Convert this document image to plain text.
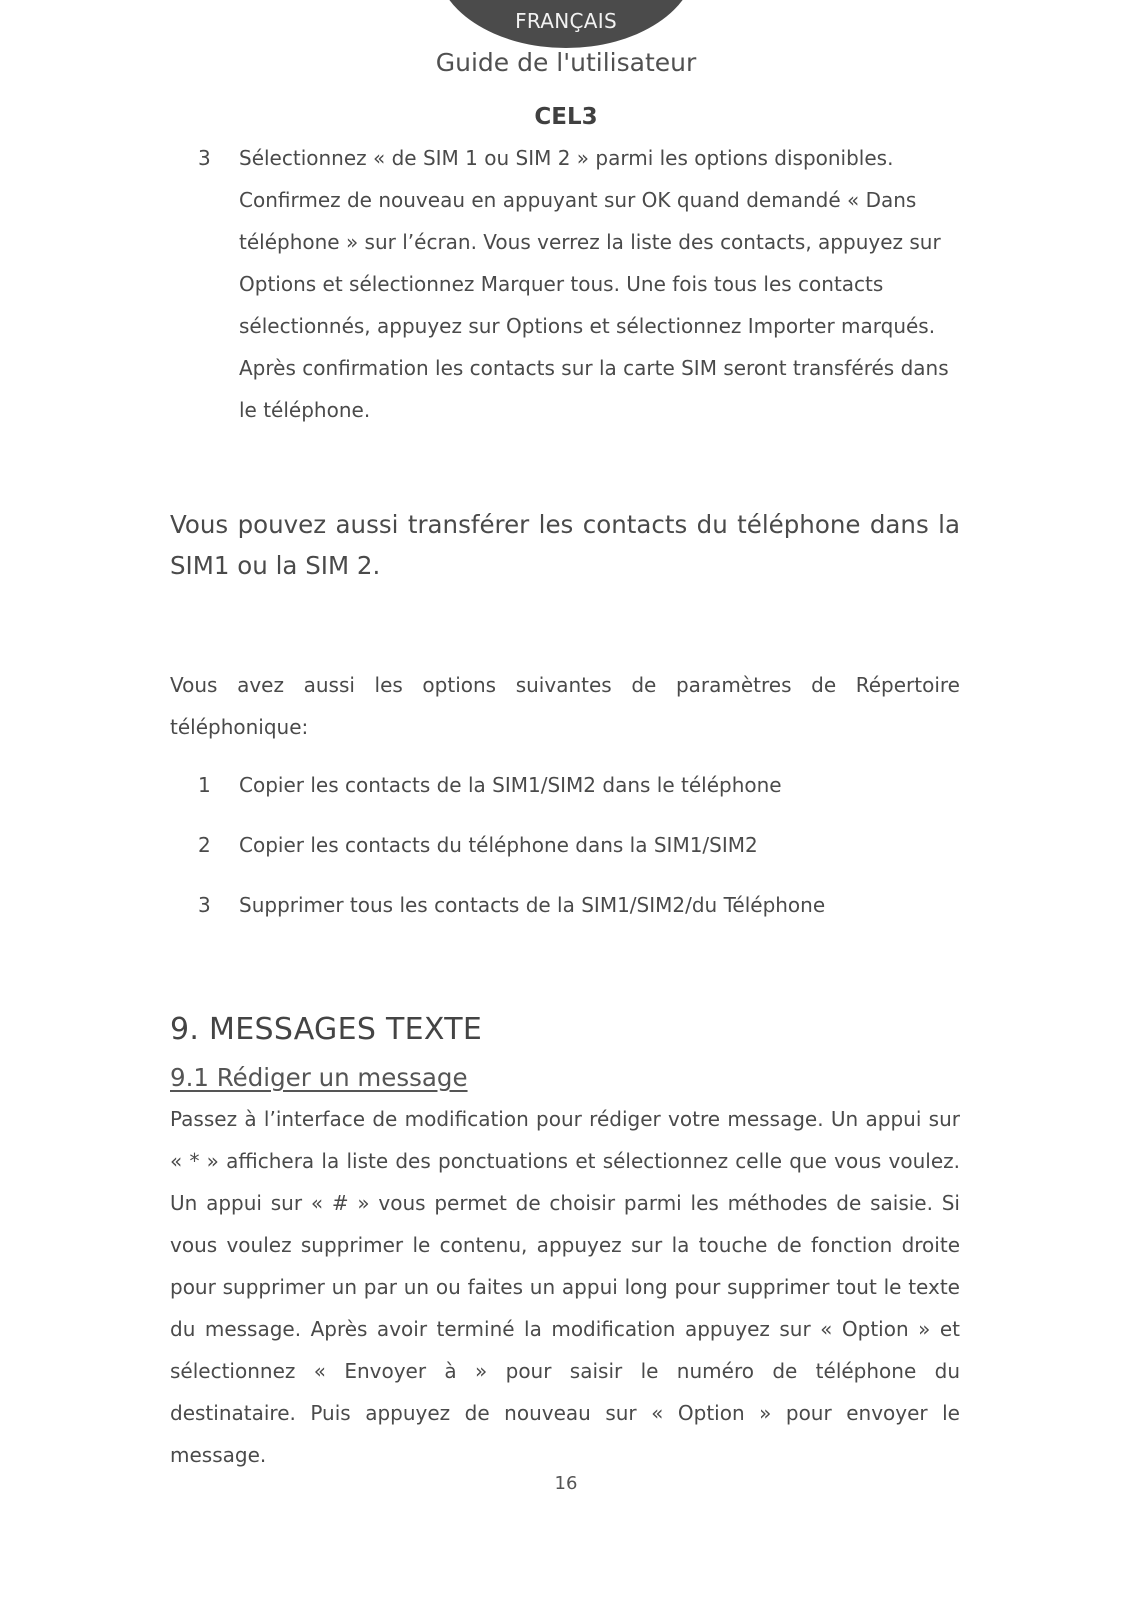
FRANÇAIS
Guide de l'utilisateur
CEL3
3 Sélectionnez « de SIM 1 ou SIM 2 » parmi les options disponibles. Confirmez de nouveau en appuyant sur OK quand demandé « Dans téléphone » sur l’écran. Vous verrez la liste des contacts, appuyez sur Options et sélectionnez Marquer tous. Une fois tous les contacts sélectionnés, appuyez sur Options et sélectionnez Importer marqués. Après confirmation les contacts sur la carte SIM seront transférés dans le téléphone.
Vous pouvez aussi transférer les contacts du téléphone dans la SIM1 ou la SIM 2.
Vous avez aussi les options suivantes de paramètres de Répertoire téléphonique:
1 Copier les contacts de la SIM1/SIM2 dans le téléphone
2 Copier les contacts du téléphone dans la SIM1/SIM2
3 Supprimer tous les contacts de la SIM1/SIM2/du Téléphone
9. MESSAGES TEXTE
9.1 Rédiger un message
Passez à l’interface de modification pour rédiger votre message. Un appui sur « * » affichera la liste des ponctuations et sélectionnez celle que vous voulez. Un appui sur « # » vous permet de choisir parmi les méthodes de saisie. Si vous voulez supprimer le contenu, appuyez sur la touche de fonction droite pour supprimer un par un ou faites un appui long pour supprimer tout le texte du message. Après avoir terminé la modification appuyez sur « Option » et sélectionnez « Envoyer à » pour saisir le numéro de téléphone du destinataire. Puis appuyez de nouveau sur « Option » pour envoyer le message.
16
